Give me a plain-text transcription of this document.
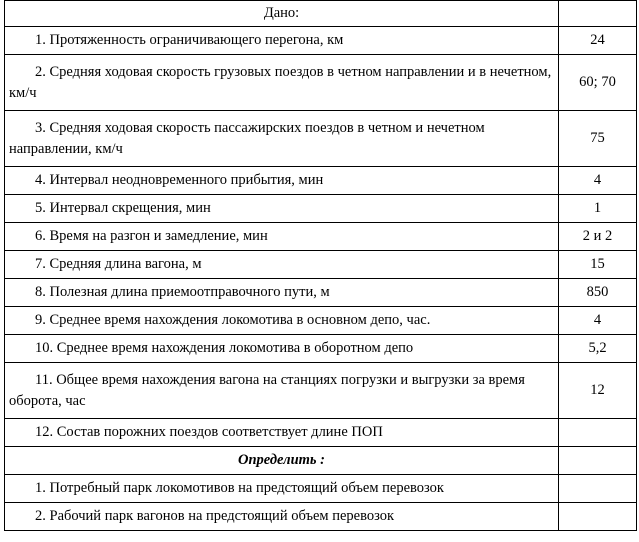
Дано:	
1. Протяженность ограничивающего перегона, км	24

2. Средняя ходовая скорость грузовых поездов в четном направлении и в нечетном, км/ч	60; 70

3. Средняя ходовая скорость пассажирских поездов в четном и нечетном направлении, км/ч	75
4. Интервал неодновременного прибытия, мин	4
5. Интервал скрещения, мин	1
6. Время на разгон и замедление, мин	2 и 2
7. Средняя длина вагона, м	15
8. Полезная длина приемоотправочного пути, м	850
9. Среднее время нахождения локомотива в основном депо, час.	4
10. Среднее время нахождения локомотива в оборотном депо	5,2

11. Общее время нахождения вагона на станциях погрузки и выгрузки за время оборота, час	12
12. Состав порожних поездов соответствует длине ПОП	
Определить :	
1. Потребный парк локомотивов на предстоящий объем перевозок	
2. Рабочий парк вагонов на предстоящий объем перевозок	
